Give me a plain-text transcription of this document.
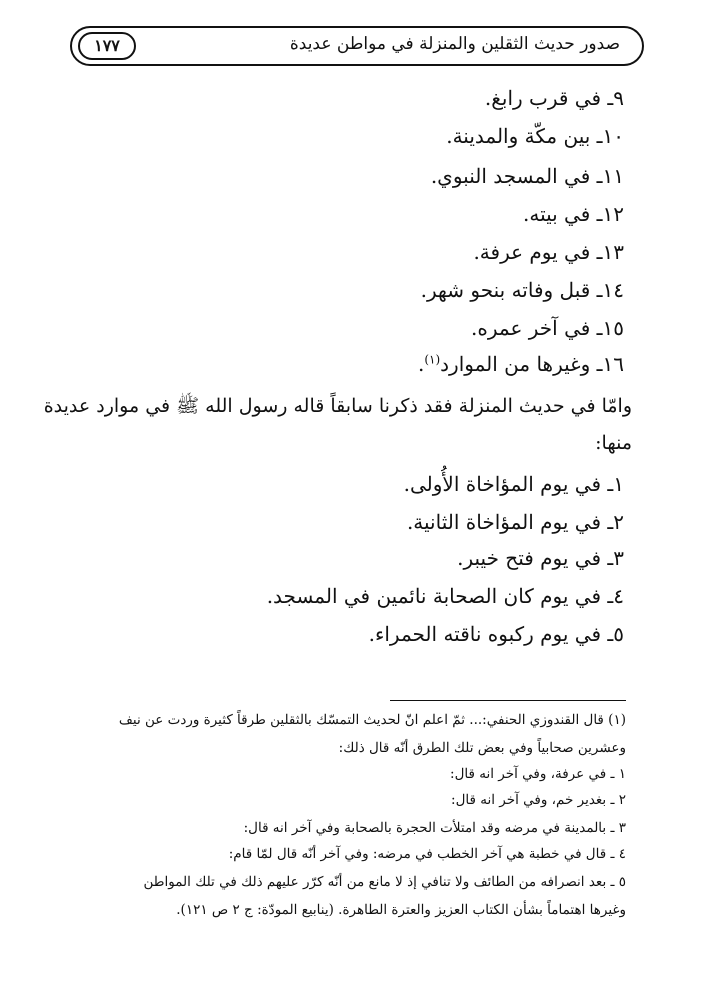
صدور حديث الثقلين والمنزلة في مواطن عديدة
١٧٧
٩ـ في قرب رابغ.
١٠ـ بين مكّة والمدينة.
١١ـ في المسجد النبوي.
١٢ـ في بيته.
١٣ـ في يوم عرفة.
١٤ـ قبل وفاته بنحو شهر.
١٥ـ في آخر عمره.
١٦ـ وغيرها من الموارد$^{(١)}$.
وامّا في حديث المنزلة فقد ذكرنا سابقاً قاله رسول الله ﷺ في موارد عديدة
منها:
١ـ في يوم المؤاخاة الأُولى.
٢ـ في يوم المؤاخاة الثانية.
٣ـ في يوم فتح خيبر.
٤ـ في يوم كان الصحابة نائمين في المسجد.
٥ـ في يوم ركبوه ناقته الحمراء.
(١) قال القندوزي الحنفي:... ثمّ اعلم انّ لحديث التمسّك بالثقلين طرقاً كثيرة وردت عن نيف
وعشرين صحابياً وفي بعض تلك الطرق أنّه قال ذلك:
١ ـ في عرفة، وفي آخر انه قال:
٢ ـ بغدير خم، وفي آخر انه قال:
٣ ـ بالمدينة في مرضه وقد امتلأت الحجرة بالصحابة وفي آخر انه قال:
٤ ـ قال في خطبة هي آخر الخطب في مرضه: وفي آخر أنّه قال لمّا قام:
٥ ـ بعد انصرافه من الطائف ولا تنافي إذ لا مانع من أنّه كرّر عليهم ذلك في تلك المواطن
وغيرها اهتماماً بشأن الكتاب العزيز والعترة الطاهرة. (ينابيع المودّة: ج ٢ ص ١٢١).
